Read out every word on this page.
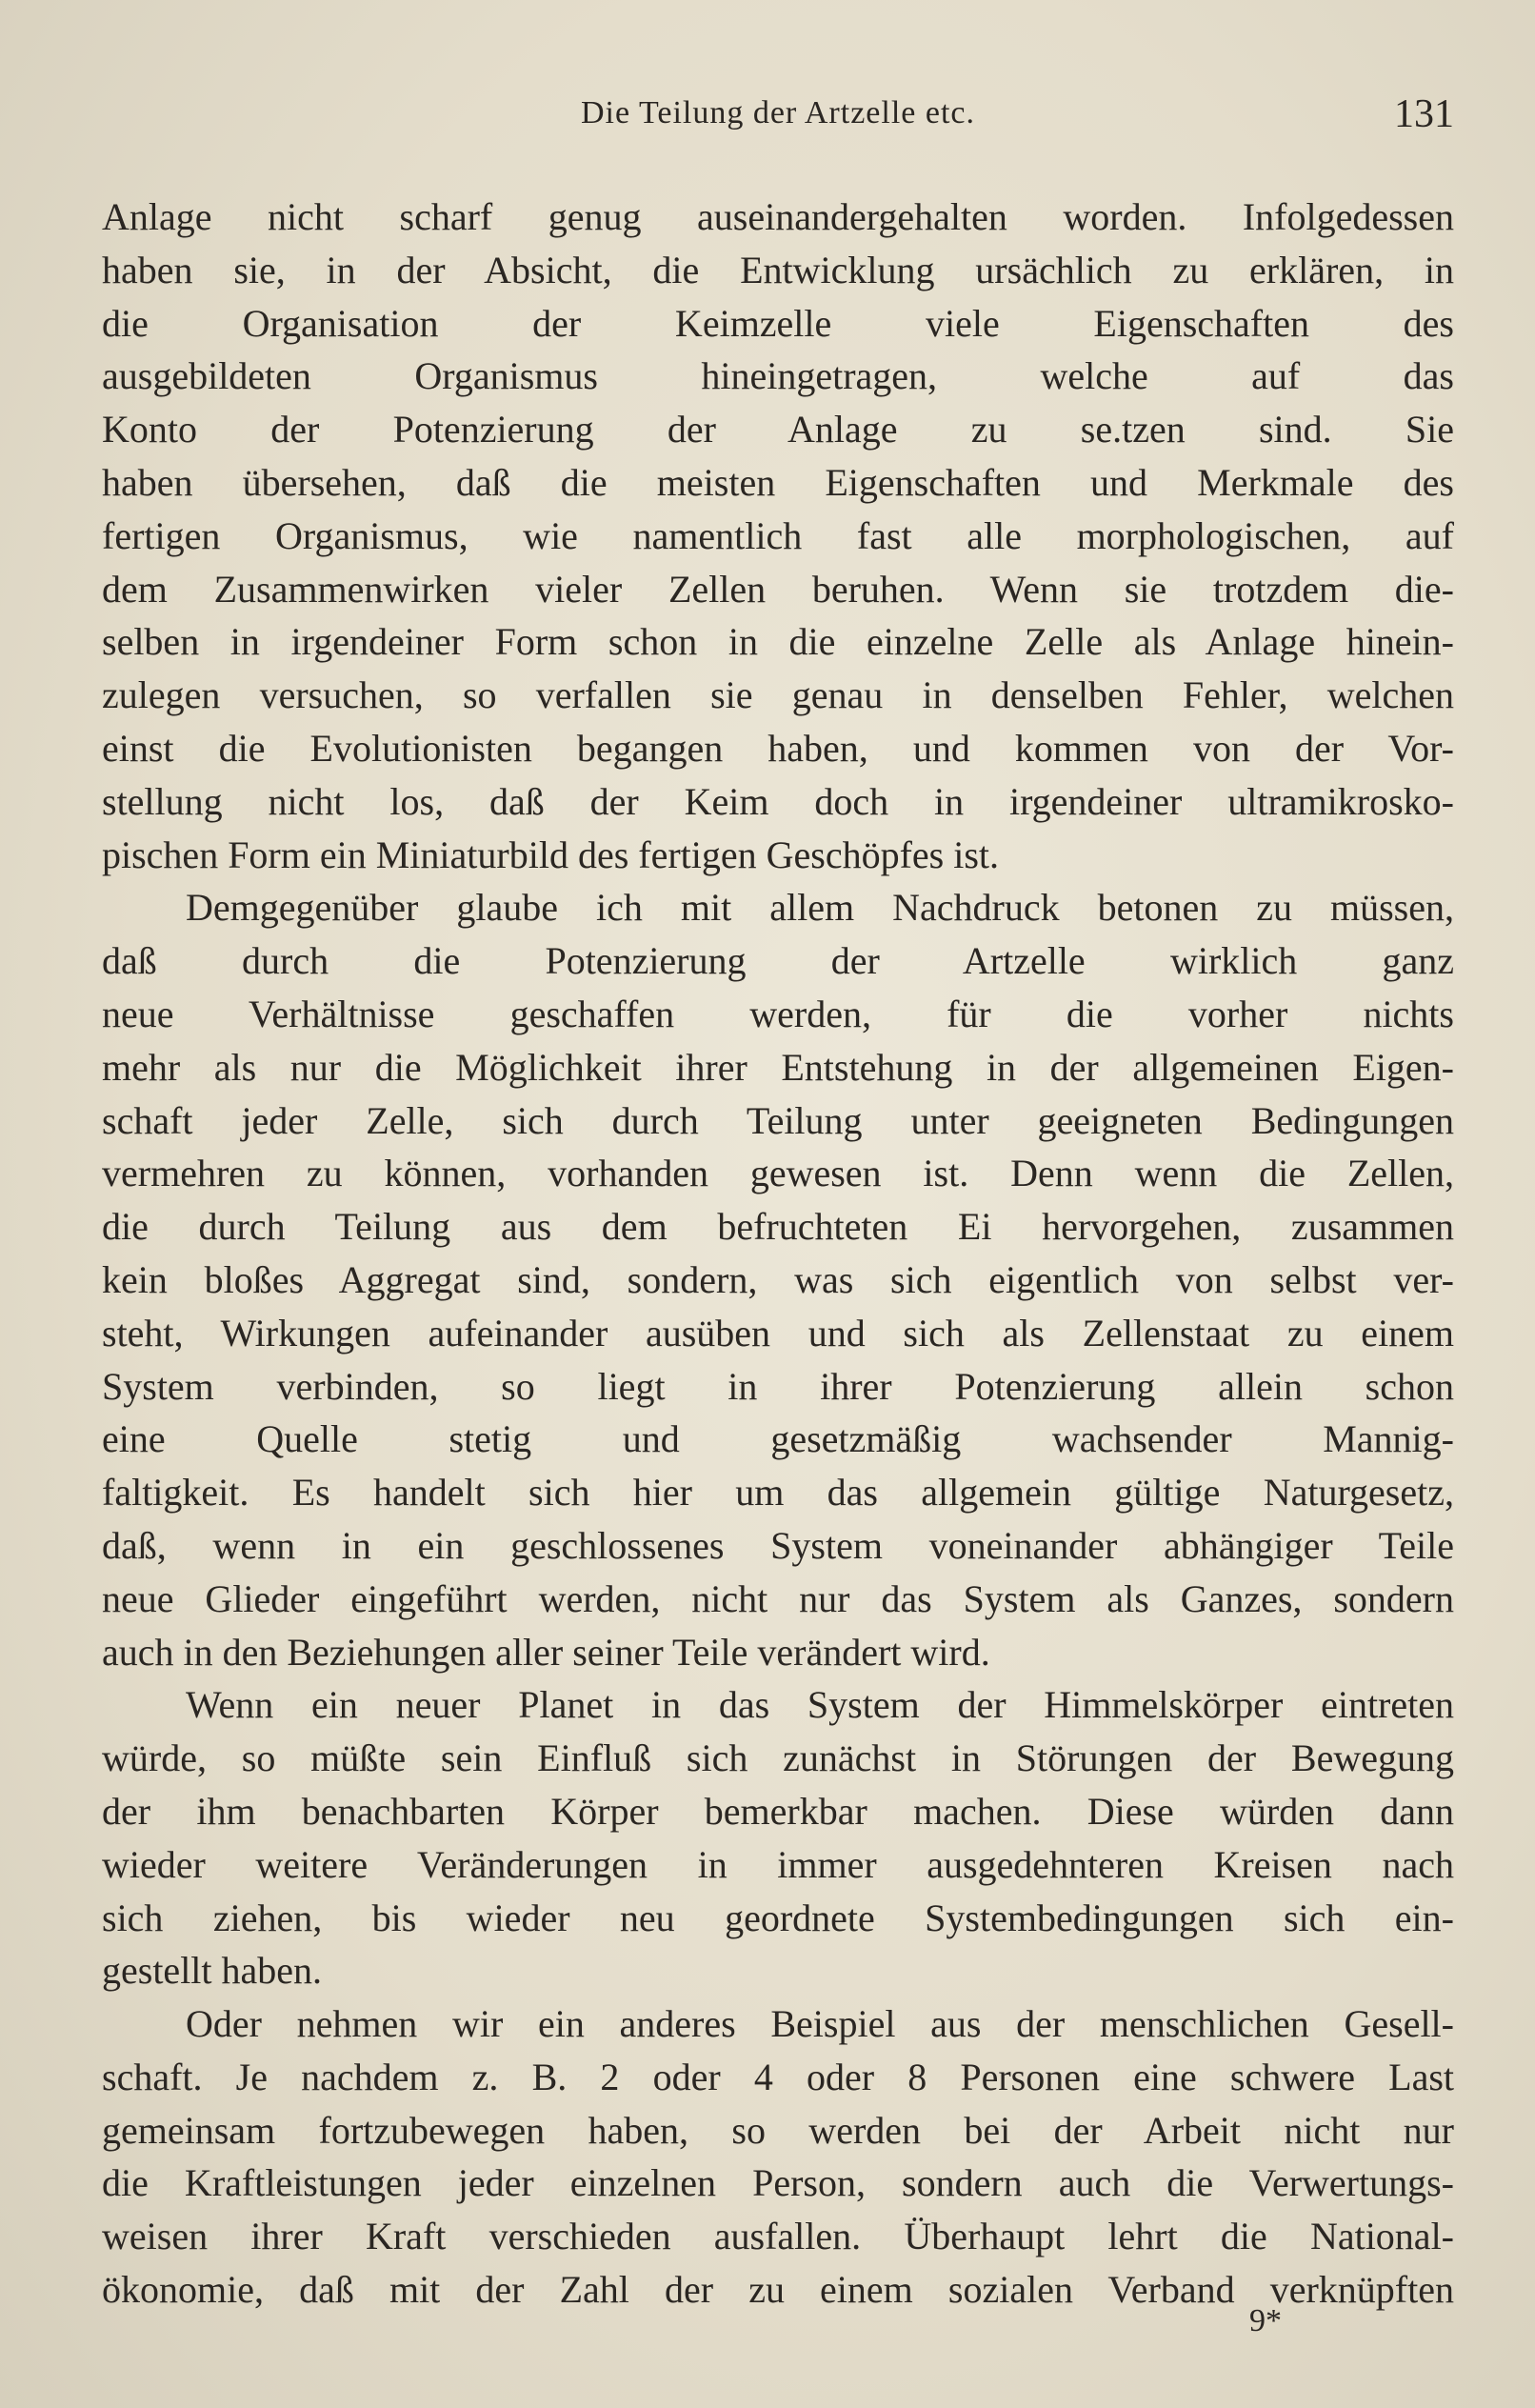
Die Teilung der Artzelle etc.	131
Anlage nicht scharf genug auseinandergehalten worden. Infolgedessen
haben sie, in der Absicht, die Entwicklung ursächlich zu erklären, in
die Organisation der Keimzelle viele Eigenschaften des
ausgebildeten Organismus hineingetragen, welche auf das
Konto der Potenzierung der Anlage zu se.tzen sind. Sie
haben übersehen, daß die meisten Eigenschaften und Merkmale des
fertigen Organismus, wie namentlich fast alle morphologischen, auf
dem Zusammenwirken vieler Zellen beruhen. Wenn sie trotzdem die-
selben in irgendeiner Form schon in die einzelne Zelle als Anlage hinein-
zulegen versuchen, so verfallen sie genau in denselben Fehler, welchen
einst die Evolutionisten begangen haben, und kommen von der Vor-
stellung nicht los, daß der Keim doch in irgendeiner ultramikrosko-
pischen Form ein Miniaturbild des fertigen Geschöpfes ist.
Demgegenüber glaube ich mit allem Nachdruck betonen zu müssen,
daß durch die Potenzierung der Artzelle wirklich ganz
neue Verhältnisse geschaffen werden, für die vorher nichts
mehr als nur die Möglichkeit ihrer Entstehung in der allgemeinen Eigen-
schaft jeder Zelle, sich durch Teilung unter geeigneten Bedingungen
vermehren zu können, vorhanden gewesen ist. Denn wenn die Zellen,
die durch Teilung aus dem befruchteten Ei hervorgehen, zusammen
kein bloßes Aggregat sind, sondern, was sich eigentlich von selbst ver-
steht, Wirkungen aufeinander ausüben und sich als Zellenstaat zu einem
System verbinden, so liegt in ihrer Potenzierung allein schon
eine Quelle stetig und gesetzmäßig wachsender Mannig-
faltigkeit. Es handelt sich hier um das allgemein gültige Naturgesetz,
daß, wenn in ein geschlossenes System voneinander abhängiger Teile
neue Glieder eingeführt werden, nicht nur das System als Ganzes, sondern
auch in den Beziehungen aller seiner Teile verändert wird.
Wenn ein neuer Planet in das System der Himmelskörper eintreten
würde, so müßte sein Einfluß sich zunächst in Störungen der Bewegung
der ihm benachbarten Körper bemerkbar machen. Diese würden dann
wieder weitere Veränderungen in immer ausgedehnteren Kreisen nach
sich ziehen, bis wieder neu geordnete Systembedingungen sich ein-
gestellt haben.
Oder nehmen wir ein anderes Beispiel aus der menschlichen Gesell-
schaft. Je nachdem z. B. 2 oder 4 oder 8 Personen eine schwere Last
gemeinsam fortzubewegen haben, so werden bei der Arbeit nicht nur
die Kraftleistungen jeder einzelnen Person, sondern auch die Verwertungs-
weisen ihrer Kraft verschieden ausfallen. Überhaupt lehrt die National-
ökonomie, daß mit der Zahl der zu einem sozialen Verband verknüpften
9*
